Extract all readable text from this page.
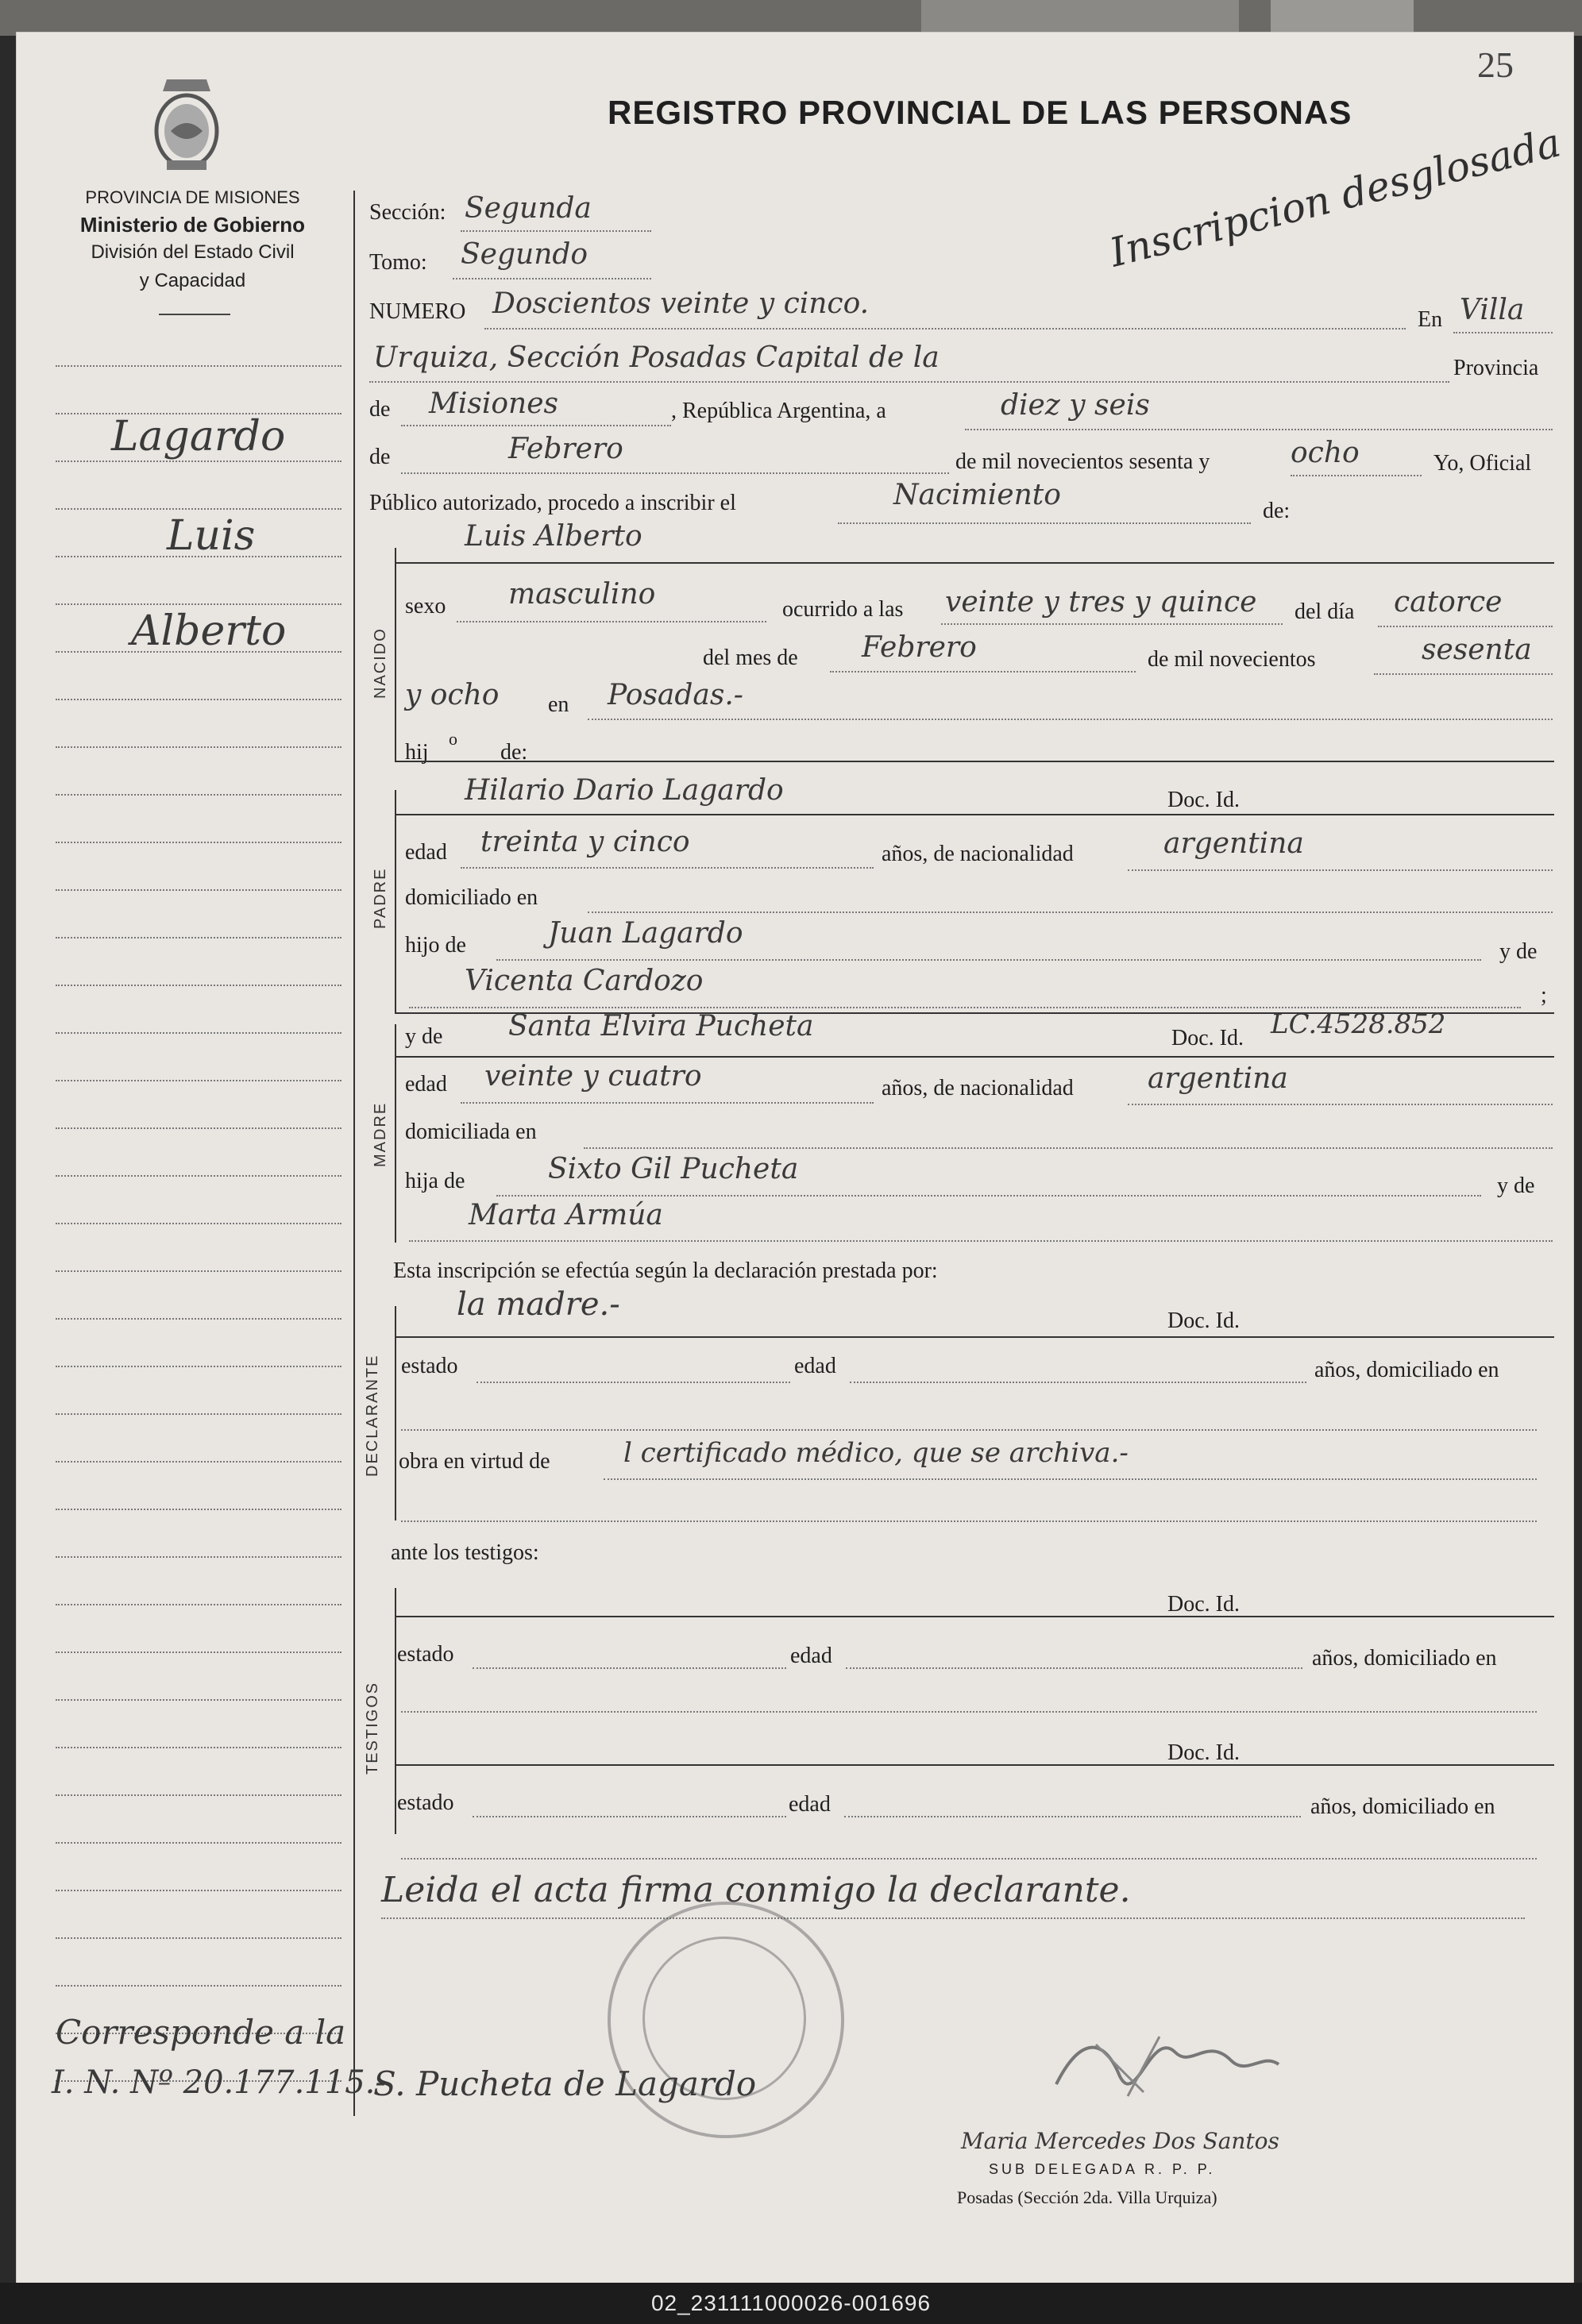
25
PROVINCIA DE MISIONES
Ministerio de Gobierno
División del Estado Civil
y Capacidad
Lagardo
Luis
Alberto
Corresponde a la
I. N. Nº 20.177.115.-
REGISTRO PROVINCIAL DE LAS PERSONAS
Inscripcion desglosada
Sección: Segunda
Tomo: Segundo
NUMERO Doscientos veinte y cinco.	En Villa
Urquiza, Sección Posadas Capital de la	Provincia
de Misiones	, República Argentina, a	diez y seis
de	Febrero	de mil novecientos sesenta y	ocho	Yo, Oficial
Público autorizado, procedo a inscribir el	Nacimiento	de:
NACIDO
Luis Alberto
sexo masculino	ocurrido a las veinte y tres y quince del día catorce
del mes de Febrero	de mil novecientos	sesenta
y ocho en Posadas.-
hij
o
de:
PADRE
Hilario Dario Lagardo	Doc. Id.
edad treinta y cinco	años, de nacionalidad	argentina
domiciliado en
hijo de	Juan Lagardo
y de
Vicenta Cardozo	;
MADRE
y de Santa Elvira Pucheta	Doc. Id. LC.4528.852
edad veinte y cuatro	años, de nacionalidad	argentina
domiciliada en
hija de	Sixto Gil Pucheta
y de
Marta Armúa
Esta inscripción se efectúa según la declaración prestada por:
DECLARANTE
la madre.-	Doc. Id.
estado	edad	años, domiciliado en
obra en virtud de	l certificado médico, que se archiva.-
ante los testigos:
TESTIGOS
Doc. Id.
estado	edad	años, domiciliado en
Doc. Id.
estado	edad	años, domiciliado en
Leida el acta firma conmigo la declarante.
S. Pucheta de Lagardo
Maria Mercedes Dos Santos
SUB DELEGADA R. P. P.
Posadas (Sección 2da. Villa Urquiza)
02_231111000026-001696
